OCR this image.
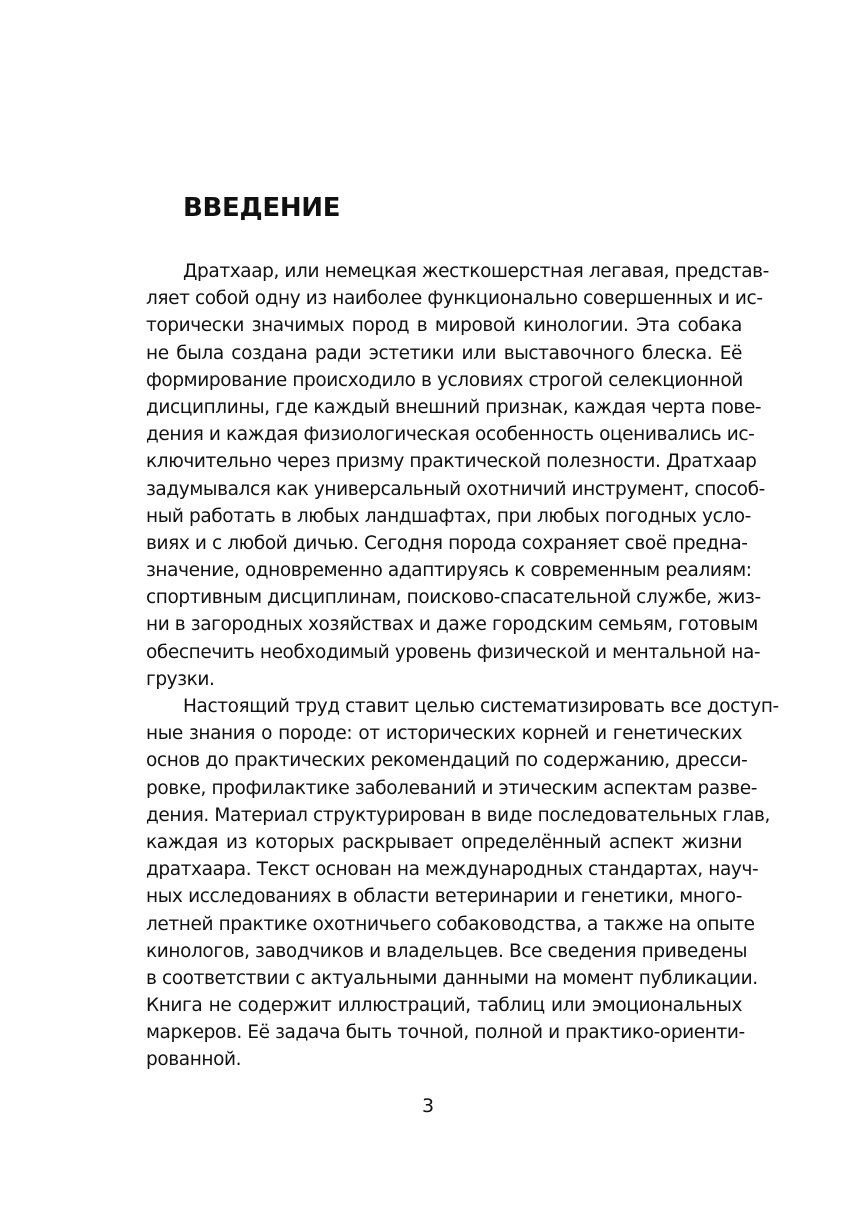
ВВЕДЕНИЕ
Дратхаар, или немецкая жесткошерстная легавая, представ-
ляет собой одну из наиболее функционально совершенных и ис-
торически значимых пород в мировой кинологии. Эта собака
не была создана ради эстетики или выставочного блеска. Её
формирование происходило в условиях строгой селекционной
дисциплины, где каждый внешний признак, каждая черта пове-
дения и каждая физиологическая особенность оценивались ис-
ключительно через призму практической полезности. Дратхаар
задумывался как универсальный охотничий инструмент, способ-
ный работать в любых ландшафтах, при любых погодных усло-
виях и с любой дичью. Сегодня порода сохраняет своё предна-
значение, одновременно адаптируясь к современным реалиям:
спортивным дисциплинам, поисково-спасательной службе, жиз-
ни в загородных хозяйствах и даже городским семьям, готовым
обеспечить необходимый уровень физической и ментальной на-
грузки.
Настоящий труд ставит целью систематизировать все доступ-
ные знания о породе: от исторических корней и генетических
основ до практических рекомендаций по содержанию, дресси-
ровке, профилактике заболеваний и этическим аспектам разве-
дения. Материал структурирован в виде последовательных глав,
каждая из которых раскрывает определённый аспект жизни
дратхаара. Текст основан на международных стандартах, науч-
ных исследованиях в области ветеринарии и генетики, много-
летней практике охотничьего собаководства, а также на опыте
кинологов, заводчиков и владельцев. Все сведения приведены
в соответствии с актуальными данными на момент публикации.
Книга не содержит иллюстраций, таблиц или эмоциональных
маркеров. Её задача быть точной, полной и практико-ориенти-
рованной.
3
